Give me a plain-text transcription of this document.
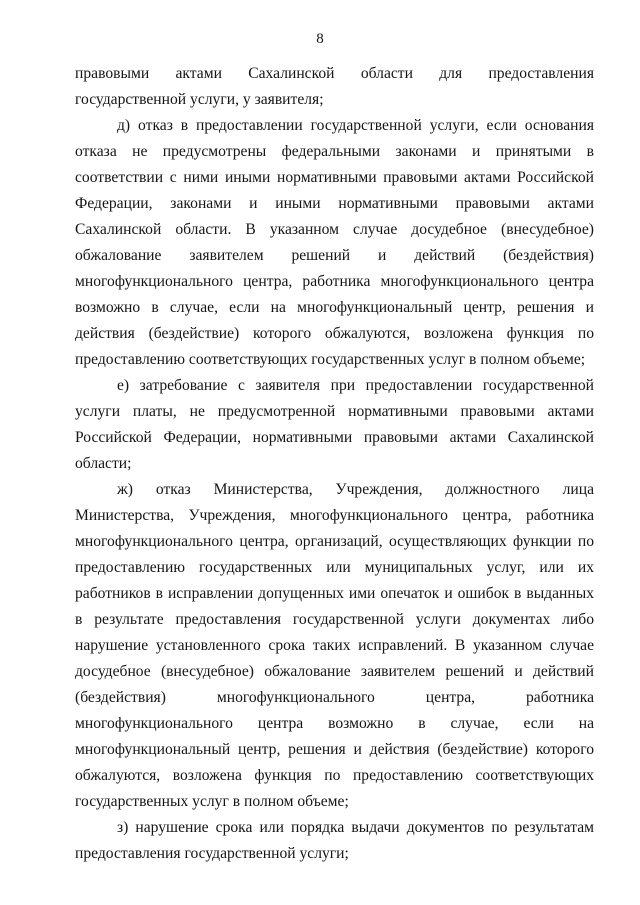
8

правовыми актами Сахалинской области для предоставления государственной услуги, у заявителя;

д) отказ в предоставлении государственной услуги, если основания отказа не предусмотрены федеральными законами и принятыми в соответствии с ними иными нормативными правовыми актами Российской Федерации, законами и иными нормативными правовыми актами Сахалинской области. В указанном случае досудебное (внесудебное) обжалование заявителем решений и действий (бездействия) многофункционального центра, работника многофункционального центра возможно в случае, если на многофункциональный центр, решения и действия (бездействие) которого обжалуются, возложена функция по предоставлению соответствующих государственных услуг в полном объеме;

е) затребование с заявителя при предоставлении государственной услуги платы, не предусмотренной нормативными правовыми актами Российской Федерации, нормативными правовыми актами Сахалинской области;

ж) отказ Министерства, Учреждения, должностного лица Министерства, Учреждения, многофункционального центра, работника многофункционального центра, организаций, осуществляющих функции по предоставлению государственных или муниципальных услуг, или их работников в исправлении допущенных ими опечаток и ошибок в выданных в результате предоставления государственной услуги документах либо нарушение установленного срока таких исправлений. В указанном случае досудебное (внесудебное) обжалование заявителем решений и действий (бездействия) многофункционального центра, работника многофункционального центра возможно в случае, если на многофункциональный центр, решения и действия (бездействие) которого обжалуются, возложена функция по предоставлению соответствующих государственных услуг в полном объеме;

з) нарушение срока или порядка выдачи документов по результатам предоставления государственной услуги;
